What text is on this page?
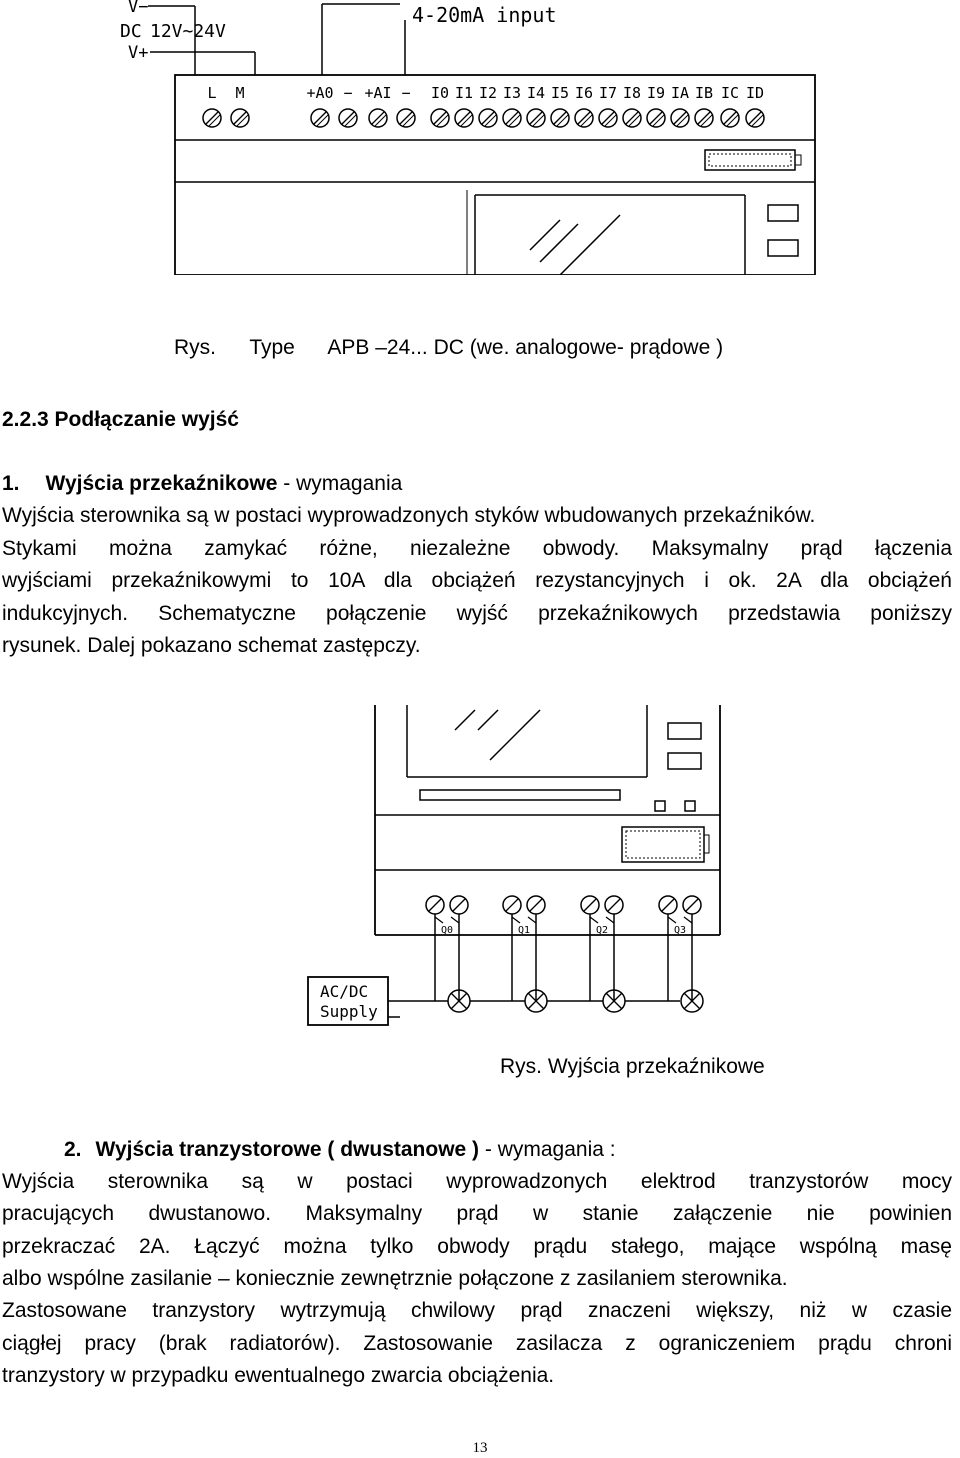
V−
DC 12V~24V
V+
4-20mA input
L M	+A0 − +AI − I0 I1 I2 I3 I4 I5 I6 I7 I8 I9 IA IB IC ID
Rys. Type APB –24... DC (we. analogowe- prądowe )
2.2.3 Podłączanie wyjść
1. Wyjścia przekaźnikowe - wymagania
Wyjścia sterownika są w postaci wyprowadzonych styków wbudowanych przekaźników.
Stykami można zamykać różne, niezależne obwody. Maksymalny prąd łączenia
wyjściami przekaźnikowymi to 10A dla obciążeń rezystancyjnych i ok. 2A dla obciążeń
indukcyjnych. Schematyczne połączenie wyjść przekaźnikowych przedstawia poniższy
rysunek. Dalej pokazano schemat zastępczy.
AC/DC
Supply
Q0	Q1	Q2	Q3
Rys. Wyjścia przekaźnikowe
2. Wyjścia tranzystorowe ( dwustanowe ) - wymagania :
Wyjścia sterownika są w postaci wyprowadzonych elektrod tranzystorów mocy
pracujących dwustanowo. Maksymalny prąd w stanie załączenie nie powinien
przekraczać 2A. Łączyć można tylko obwody prądu stałego, mające wspólną masę
albo wspólne zasilanie – koniecznie zewnętrznie połączone z zasilaniem sterownika.
Zastosowane tranzystory wytrzymują chwilowy prąd znaczeni większy, niż w czasie
ciągłej pracy (brak radiatorów). Zastosowanie zasilacza z ograniczeniem prądu chroni
tranzystory w przypadku ewentualnego zwarcia obciążenia.
13
